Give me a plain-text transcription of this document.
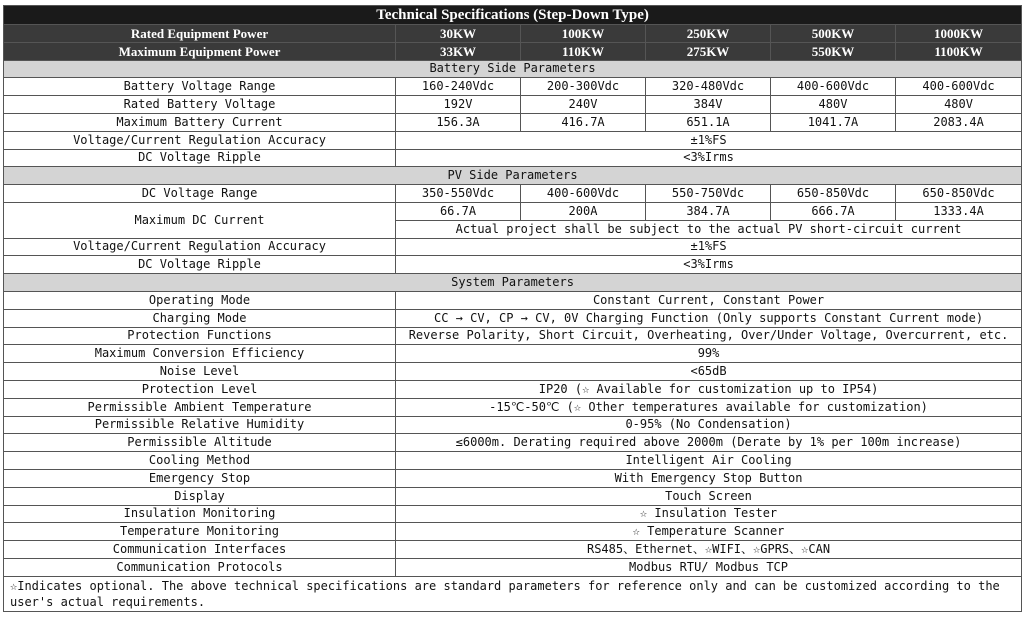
Technical Specifications (Step-Down Type)					
Rated Equipment Power	30KW	100KW	250KW	500KW	1000KW
Maximum Equipment Power	33KW	110KW	275KW	550KW	1100KW
Battery Side Parameters					
Battery Voltage Range	160-240Vdc	200-300Vdc	320-480Vdc	400-600Vdc	400-600Vdc
Rated Battery Voltage	192V	240V	384V	480V	480V
Maximum Battery Current	156.3A	416.7A	651.1A	1041.7A	2083.4A
Voltage/Current Regulation Accuracy	±1%FS				
DC Voltage Ripple	<3%Irms				
PV Side Parameters					
DC Voltage Range	350-550Vdc	400-600Vdc	550-750Vdc	650-850Vdc	650-850Vdc
Maximum DC Current	66.7A	200A	384.7A	666.7A	1333.4A
	Actual project shall be subject to the actual PV short-circuit current				
Voltage/Current Regulation Accuracy	±1%FS				
DC Voltage Ripple	<3%Irms				
System Parameters					
Operating Mode	Constant Current, Constant Power				
Charging Mode	CC → CV, CP → CV, 0V Charging Function (Only supports Constant Current mode)				
Protection Functions	Reverse Polarity, Short Circuit, Overheating, Over/Under Voltage, Overcurrent, etc.				
Maximum Conversion Efficiency	99%				
Noise Level	<65dB				
Protection Level	IP20 (☆ Available for customization up to IP54)				
Permissible Ambient Temperature	-15℃-50℃ (☆ Other temperatures available for customization)				
Permissible Relative Humidity	0-95% (No Condensation)				
Permissible Altitude	≤6000m. Derating required above 2000m (Derate by 1% per 100m increase)				
Cooling Method	Intelligent Air Cooling				
Emergency Stop	With Emergency Stop Button				
Display	Touch Screen				
Insulation Monitoring	☆ Insulation Tester				
Temperature Monitoring	☆ Temperature Scanner				
Communication Interfaces	RS485、Ethernet、☆WIFI、☆GPRS、☆CAN				
Communication Protocols	Modbus RTU/ Modbus TCP				
☆Indicates optional. The above technical specifications are standard parameters for reference only and can be customized according to the user's actual requirements.					
